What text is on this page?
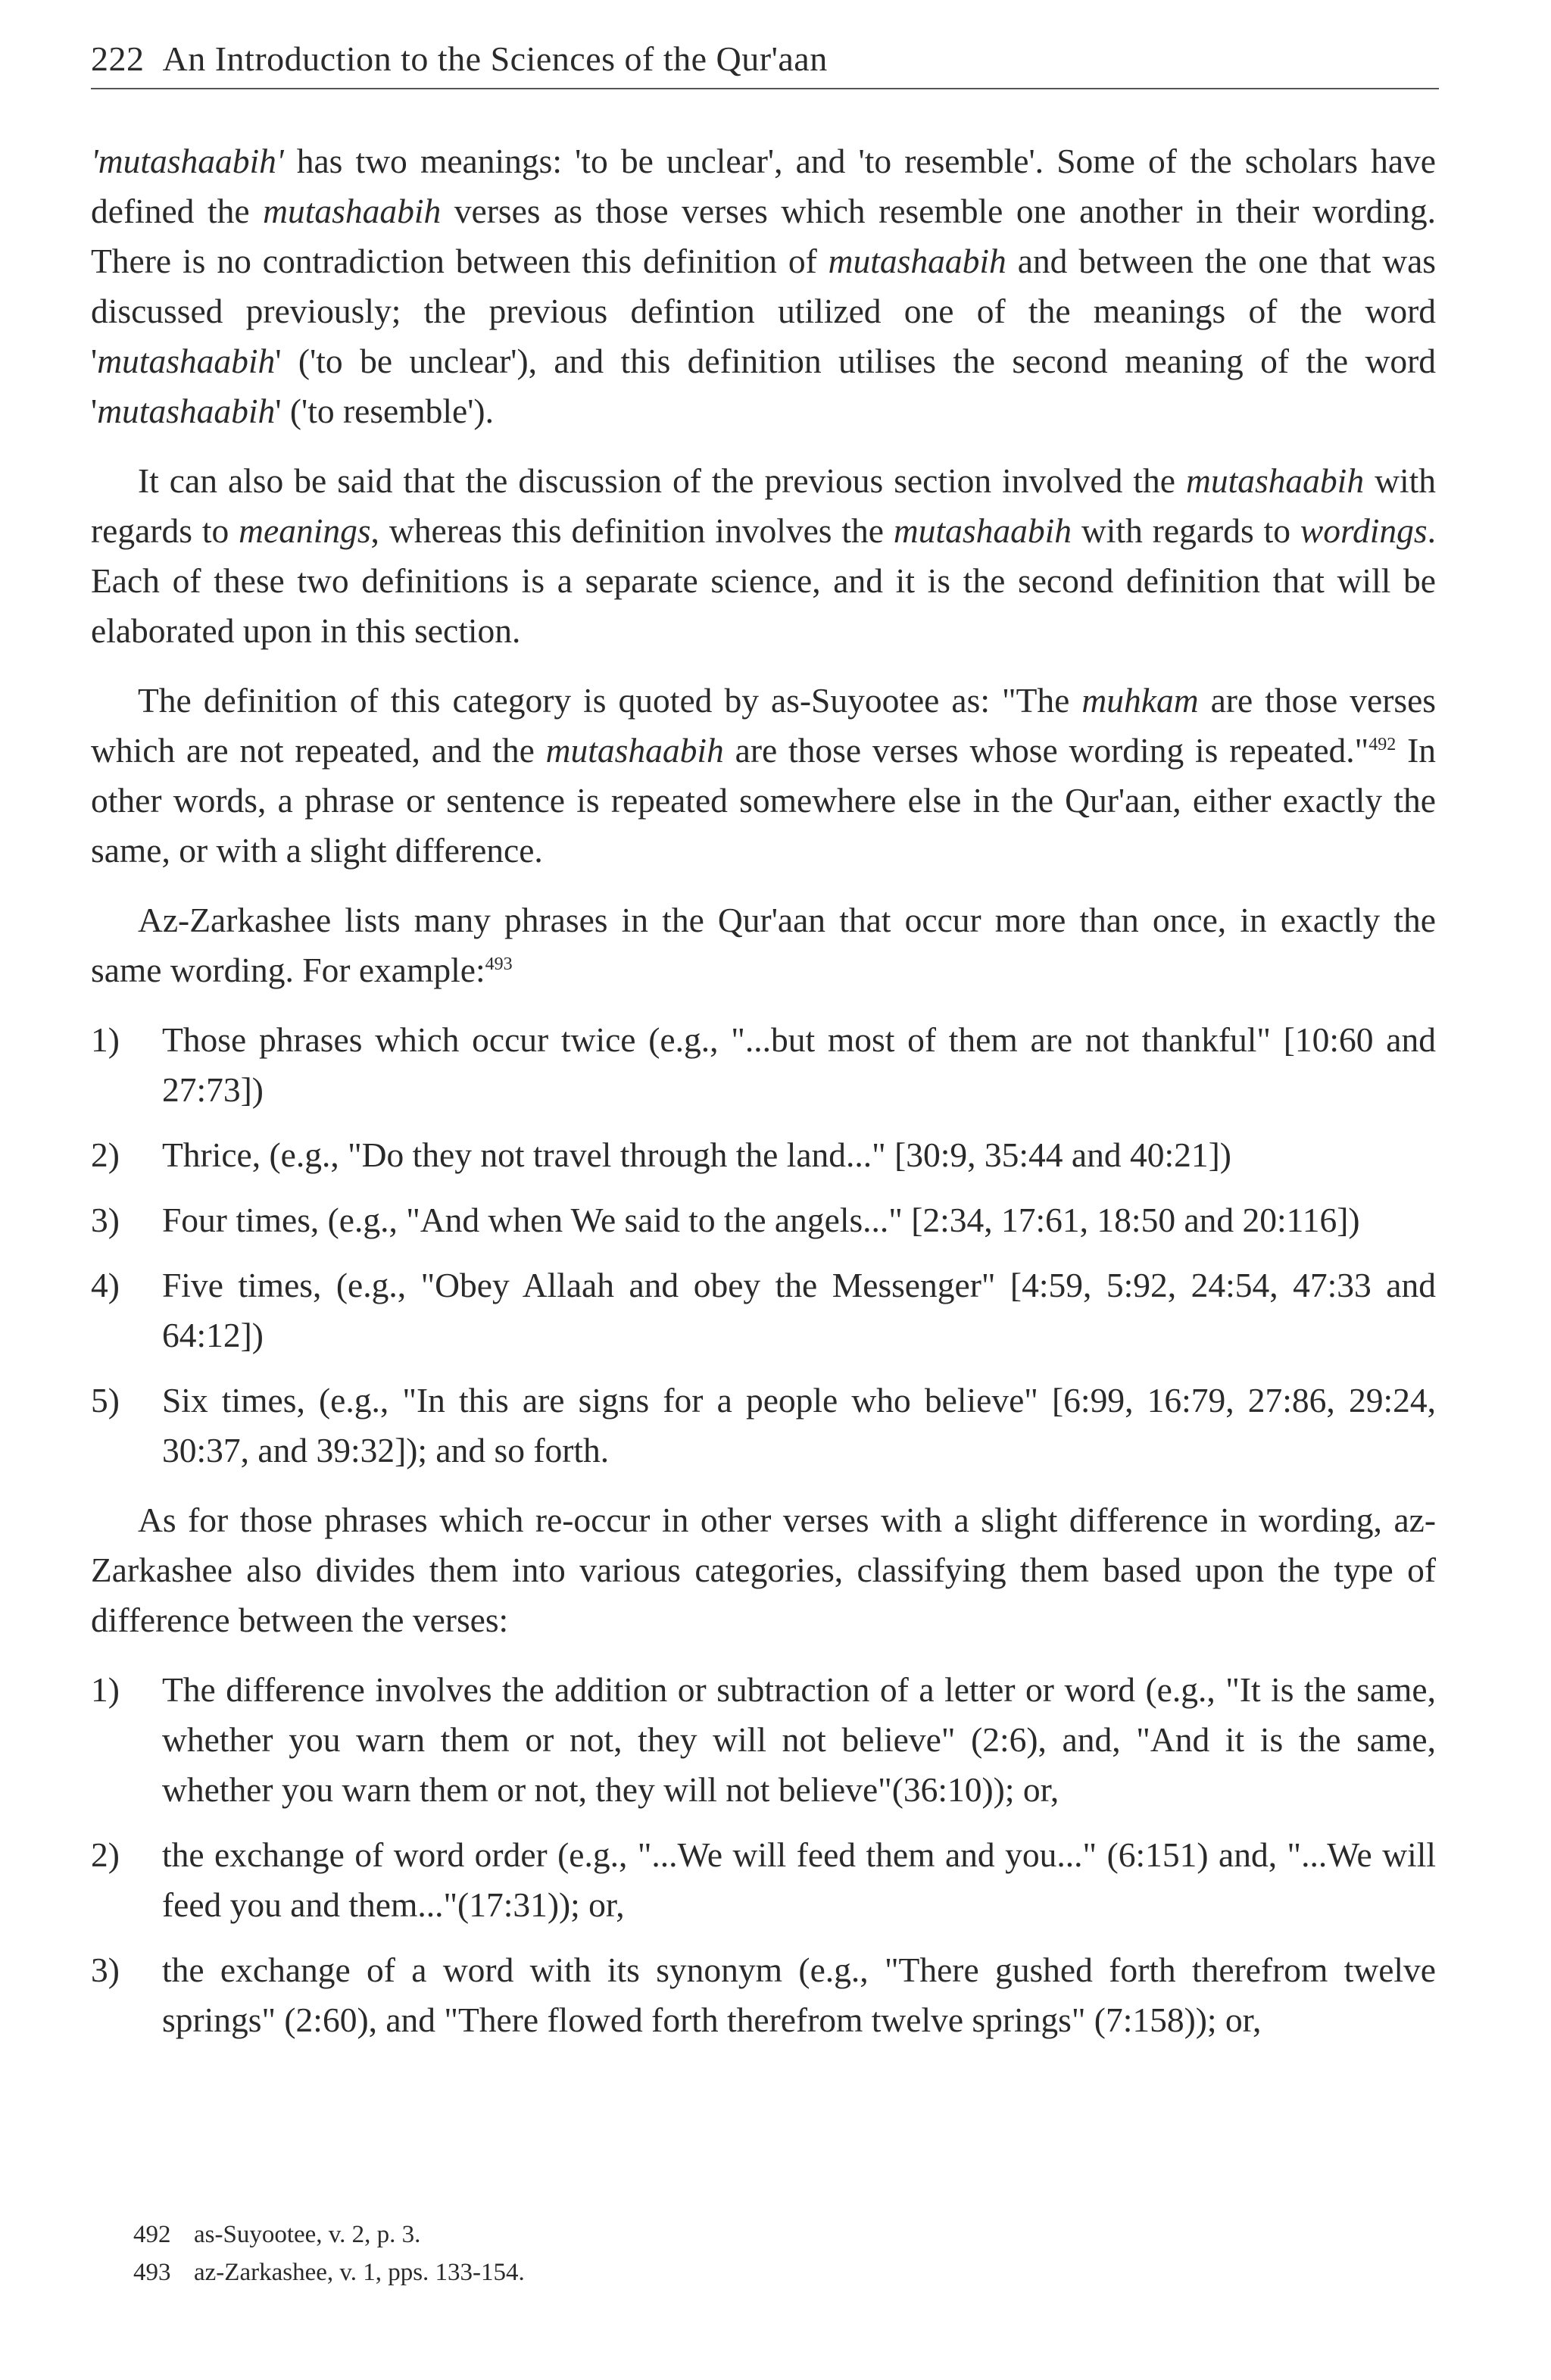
222 An Introduction to the Sciences of the Qur'aan

'mutashaabih' has two meanings: 'to be unclear', and 'to resemble'. Some of the scholars have defined the mutashaabih verses as those verses which resemble one another in their wording. There is no contradiction between this definition of mutashaabih and between the one that was discussed previously; the previous defintion utilized one of the meanings of the word 'mutashaabih' ('to be unclear'), and this definition utilises the second meaning of the word 'mutashaabih' ('to resemble').

It can also be said that the discussion of the previous section involved the mutashaabih with regards to meanings, whereas this definition involves the mutashaabih with regards to wordings. Each of these two definitions is a separate science, and it is the second definition that will be elaborated upon in this section.

The definition of this category is quoted by as-Suyootee as: "The muhkam are those verses which are not repeated, and the mutashaabih are those verses whose wording is repeated."$^{492}$ In other words, a phrase or sentence is repeated somewhere else in the Qur'aan, either exactly the same, or with a slight difference.

Az-Zarkashee lists many phrases in the Qur'aan that occur more than once, in exactly the same wording. For example:$^{493}$

1) Those phrases which occur twice (e.g., "...but most of them are not thankful" [10:60 and 27:73])
2) Thrice, (e.g., "Do they not travel through the land..." [30:9, 35:44 and 40:21])
3) Four times, (e.g., "And when We said to the angels..." [2:34, 17:61, 18:50 and 20:116])
4) Five times, (e.g., "Obey Allaah and obey the Messenger" [4:59, 5:92, 24:54, 47:33 and 64:12])
5) Six times, (e.g., "In this are signs for a people who believe" [6:99, 16:79, 27:86, 29:24, 30:37, and 39:32]); and so forth.

As for those phrases which re-occur in other verses with a slight difference in wording, az-Zarkashee also divides them into various categories, classifying them based upon the type of difference between the verses:

1) The difference involves the addition or subtraction of a letter or word (e.g., "It is the same, whether you warn them or not, they will not believe" (2:6), and, "And it is the same, whether you warn them or not, they will not believe"(36:10)); or,
2) the exchange of word order (e.g., "...We will feed them and you..." (6:151) and, "...We will feed you and them..."(17:31)); or,
3) the exchange of a word with its synonym (e.g., "There gushed forth therefrom twelve springs" (2:60), and "There flowed forth therefrom twelve springs" (7:158)); or,
492 as-Suyootee, v. 2, p. 3.
493 az-Zarkashee, v. 1, pps. 133-154.
